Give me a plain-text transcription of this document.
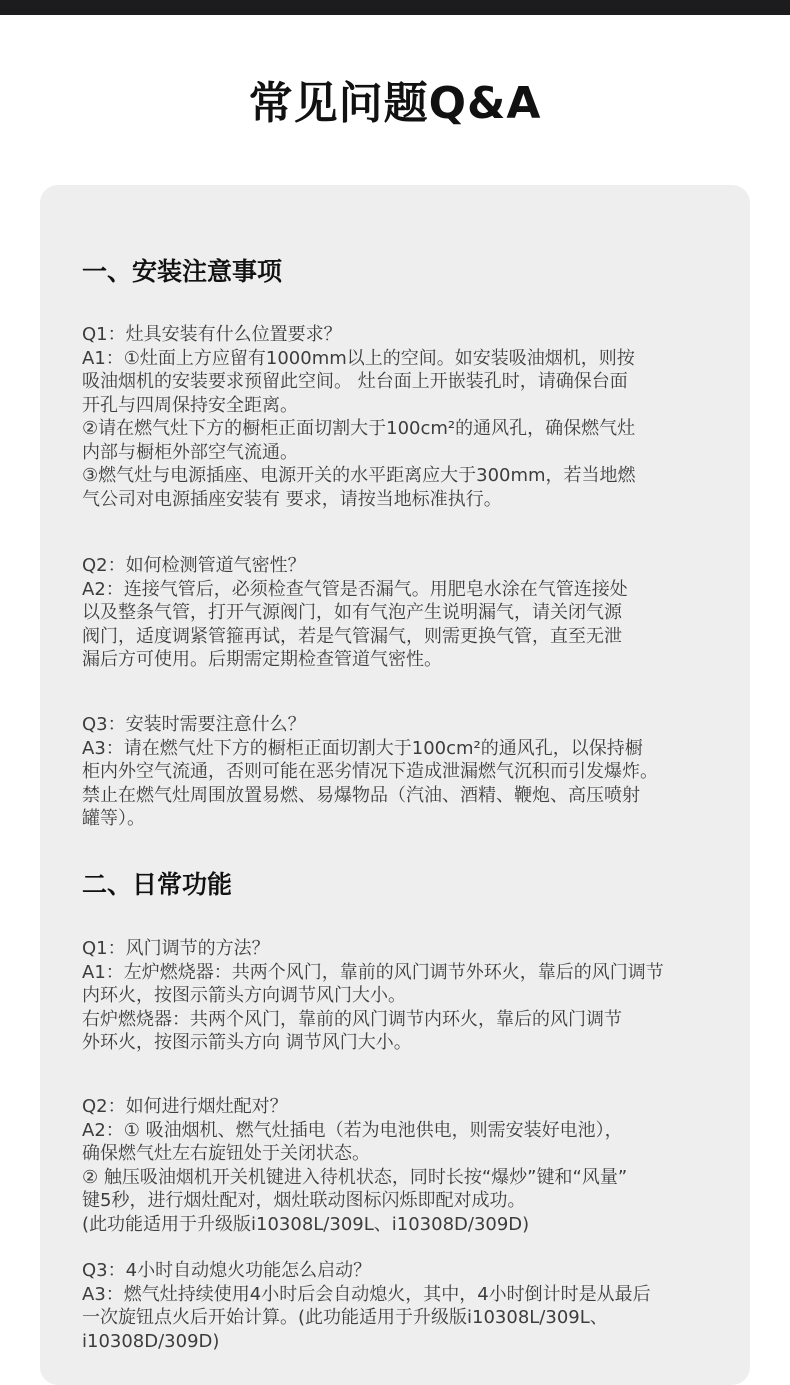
常见问题Q&A
一、安装注意事项
Q1：灶具安装有什么位置要求？
A1：①灶面上方应留有1000mm以上的空间。如安装吸油烟机，则按
吸油烟机的安装要求预留此空间。 灶台面上开嵌装孔时，请确保台面
开孔与四周保持安全距离。
②请在燃气灶下方的橱柜正面切割大于100cm²的通风孔，确保燃气灶
内部与橱柜外部空气流通。
③燃气灶与电源插座、电源开关的水平距离应大于300mm，若当地燃
气公司对电源插座安装有 要求，请按当地标准执行。
Q2：如何检测管道气密性？
A2：连接气管后，必须检查气管是否漏气。用肥皂水涂在气管连接处
以及整条气管，打开气源阀门，如有气泡产生说明漏气，请关闭气源
阀门，适度调紧管箍再试，若是气管漏气，则需更换气管，直至无泄
漏后方可使用。后期需定期检查管道气密性。
Q3：安装时需要注意什么？
A3：请在燃气灶下方的橱柜正面切割大于100cm²的通风孔，以保持橱
柜内外空气流通，否则可能在恶劣情况下造成泄漏燃气沉积而引发爆炸。
禁止在燃气灶周围放置易燃、易爆物品（汽油、酒精、鞭炮、高压喷射
罐等）。
二、日常功能
Q1：风门调节的方法？
A1：左炉燃烧器：共两个风门，靠前的风门调节外环火，靠后的风门调节
内环火，按图示箭头方向调节风门大小。
右炉燃烧器：共两个风门，靠前的风门调节内环火，靠后的风门调节
外环火，按图示箭头方向 调节风门大小。
Q2：如何进行烟灶配对？
A2：① 吸油烟机、燃气灶插电（若为电池供电，则需安装好电池），
确保燃气灶左右旋钮处于关闭状态。
② 触压吸油烟机开关机键进入待机状态，同时长按“爆炒”键和“风量”
键5秒，进行烟灶配对，烟灶联动图标闪烁即配对成功。
(此功能适用于升级版i10308L/309L、i10308D/309D)
Q3：4小时自动熄火功能怎么启动？
A3：燃气灶持续使用4小时后会自动熄火，其中，4小时倒计时是从最后
一次旋钮点火后开始计算。(此功能适用于升级版i10308L/309L、
i10308D/309D)
